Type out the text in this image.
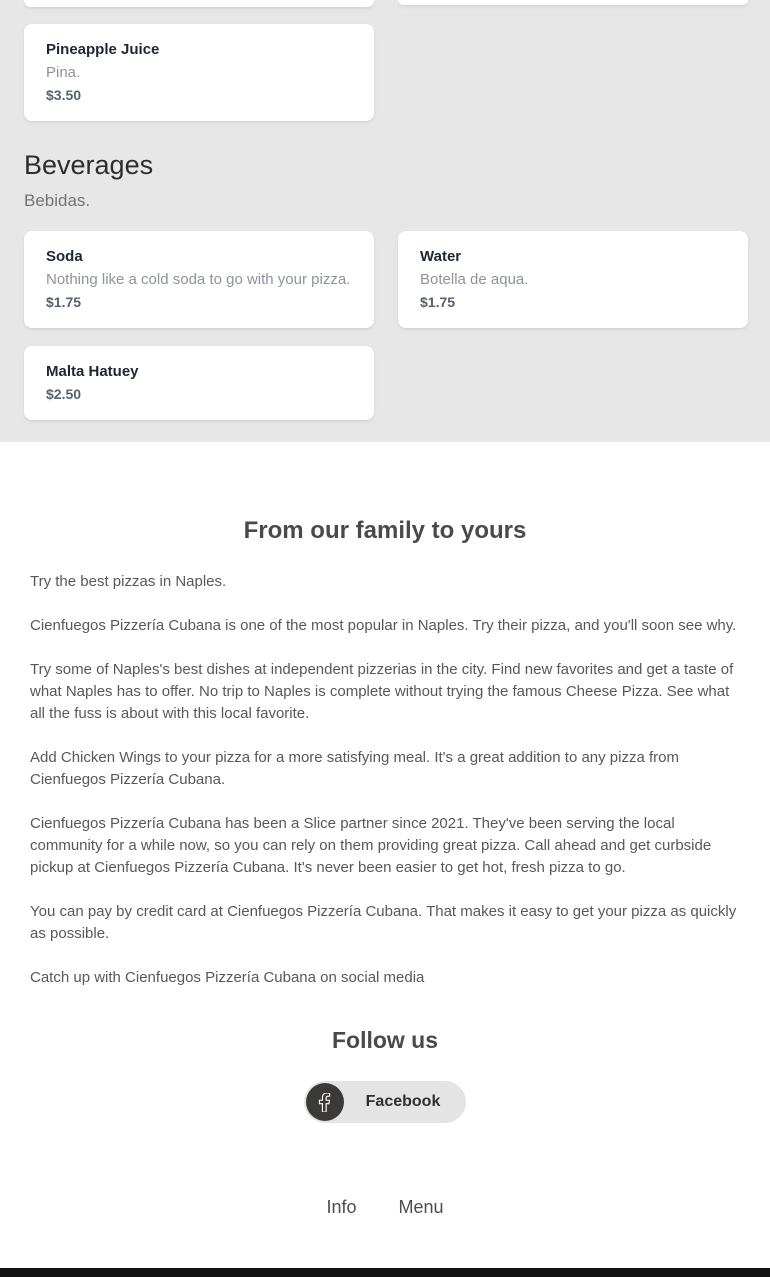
Pineapple Juice
Pina.
$3.50
Beverages
Bebidas.
Soda
Nothing like a cold soda to go with your pizza.
$1.75
Malta Hatuey
$2.50
Water
Botella de aqua.
$1.75
From our family to yours

Try the best pizzas in Naples.

Cienfuegos Pizzería Cubana is one of the most popular in Naples. Try their pizza, and you'll soon see why.

Try some of Naples's best dishes at independent pizzerias in the city. Find new favorites and get a taste of what Naples has to offer. No trip to Naples is complete without trying the famous Cheese Pizza. See what all the fuss is about with this local favorite.

Add Chicken Wings to your pizza for a more satisfying meal. It's a great addition to any pizza from Cienfuegos Pizzería Cubana.

Cienfuegos Pizzería Cubana has been a Slice partner since 2021. They've been serving the local community for a while now, so you can rely on them providing great pizza. Call ahead and get curbside pickup at Cienfuegos Pizzería Cubana. It's never been easier to get hot, fresh pizza to go.

You can pay by credit card at Cienfuegos Pizzería Cubana. That makes it easy to get your pizza as quickly as possible.

Catch up with Cienfuegos Pizzería Cubana on social media

Follow us
Facebook
Info Menu
